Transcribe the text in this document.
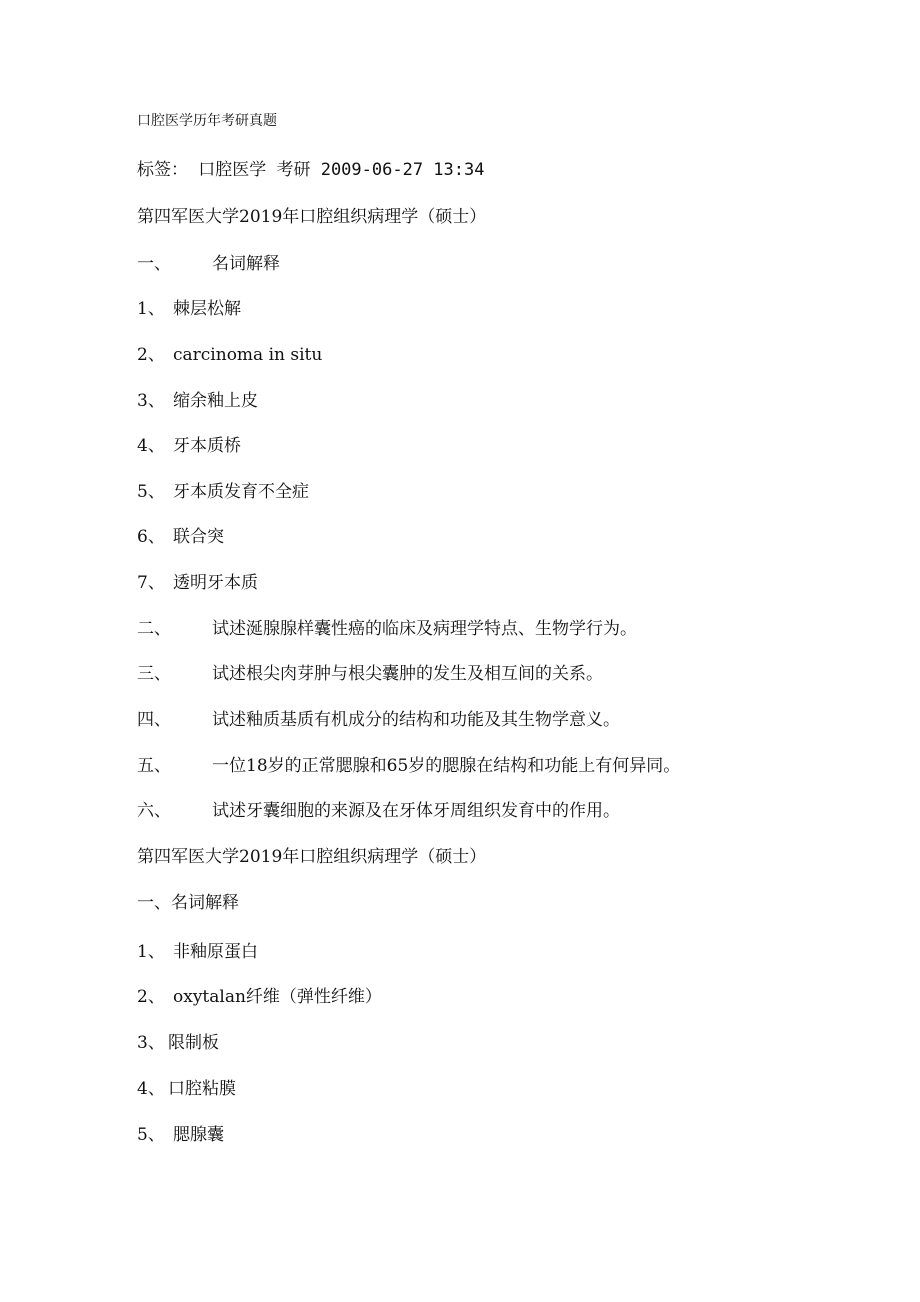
口腔医学历年考研真题
标签： 口腔医学 考研 2009-06-27 13:34
第四军医大学2019年口腔组织病理学（硕士）
一、 名词解释
1、 棘层松解
2、 carcinoma in situ
3、 缩余釉上皮
4、 牙本质桥
5、 牙本质发育不全症
6、 联合突
7、 透明牙本质
二、 试述涎腺腺样囊性癌的临床及病理学特点、生物学行为。
三、 试述根尖肉芽肿与根尖囊肿的发生及相互间的关系。
四、 试述釉质基质有机成分的结构和功能及其生物学意义。
五、 一位18岁的正常腮腺和65岁的腮腺在结构和功能上有何异同。
六、 试述牙囊细胞的来源及在牙体牙周组织发育中的作用。
第四军医大学2019年口腔组织病理学（硕士）
一、名词解释
1、 非釉原蛋白
2、 oxytalan纤维（弹性纤维）
3、 限制板
4、 口腔粘膜
5、 腮腺囊
